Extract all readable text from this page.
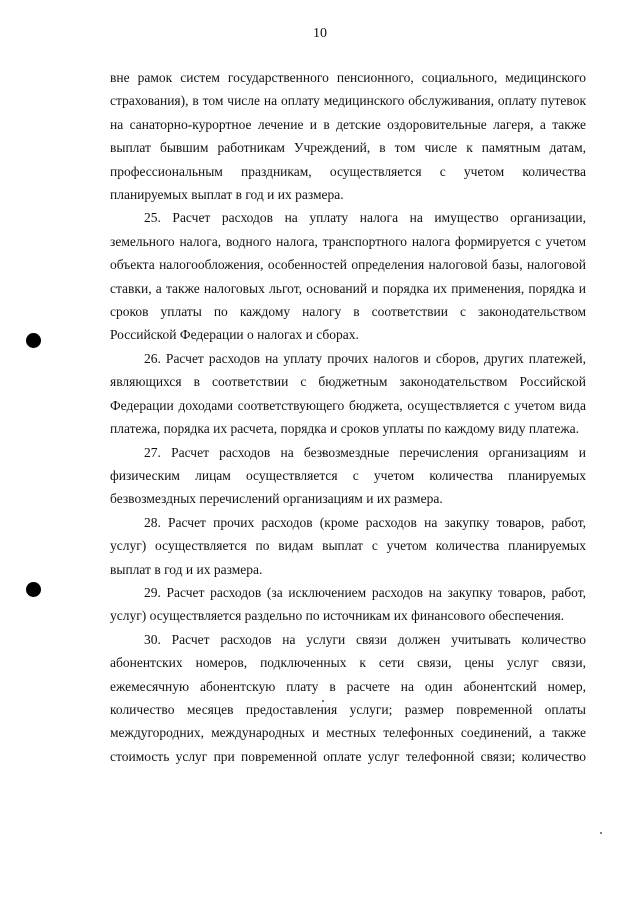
10

вне рамок систем государственного пенсионного, социального, медицинского
страхования), в том числе на оплату медицинского обслуживания, оплату путевок
на санаторно-курортное лечение и в детские оздоровительные лагеря, а также
выплат бывшим работникам Учреждений, в том числе к памятным датам,
профессиональным праздникам, осуществляется с учетом количества
планируемых выплат в год и их размера.

25. Расчет расходов на уплату налога на имущество организации,
земельного налога, водного налога, транспортного налога формируется с учетом
объекта налогообложения, особенностей определения налоговой базы, налоговой
ставки, а также налоговых льгот, оснований и порядка их применения, порядка и
сроков уплаты по каждому налогу в соответствии с законодательством
Российской Федерации о налогах и сборах.

26. Расчет расходов на уплату прочих налогов и сборов, других платежей,
являющихся в соответствии с бюджетным законодательством Российской
Федерации доходами соответствующего бюджета, осуществляется с учетом вида
платежа, порядка их расчета, порядка и сроков уплаты по каждому виду платежа.

27. Расчет расходов на безвозмездные перечисления организациям и
физическим лицам осуществляется с учетом количества планируемых
безвозмездных перечислений организациям и их размера.

28. Расчет прочих расходов (кроме расходов на закупку товаров, работ,
услуг) осуществляется по видам выплат с учетом количества планируемых
выплат в год и их размера.

29. Расчет расходов (за исключением расходов на закупку товаров, работ,
услуг) осуществляется раздельно по источникам их финансового обеспечения.

30. Расчет расходов на услуги связи должен учитывать количество
абонентских номеров, подключенных к сети связи, цены услуг связи,
ежемесячную абонентскую плату в расчете на один абонентский номер,
количество месяцев предоставления услуги; размер повременной оплаты
междугородних, международных и местных телефонных соединений, а также
стоимость услуг при повременной оплате услуг телефонной связи; количество
